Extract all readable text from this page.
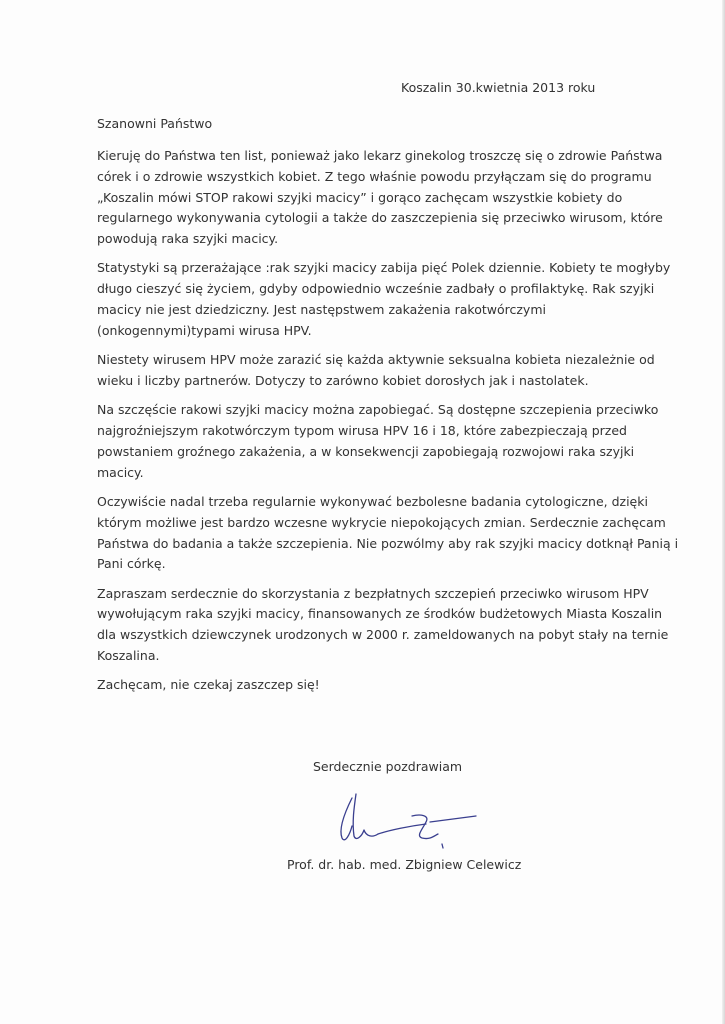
Koszalin 30.kwietnia 2013 roku
Szanowni Państwo

Kieruję do Państwa ten list, ponieważ jako lekarz ginekolog troszczę się o zdrowie Państwa
córek i o zdrowie wszystkich kobiet. Z tego właśnie powodu przyłączam się do programu
„Koszalin mówi STOP rakowi szyjki macicy” i gorąco zachęcam wszystkie kobiety do
regularnego wykonywania cytologii a także do zaszczepienia się przeciwko wirusom, które
powodują raka szyjki macicy.

Statystyki są przerażające :rak szyjki macicy zabija pięć Polek dziennie. Kobiety te mogłyby
długo cieszyć się życiem, gdyby odpowiednio wcześnie zadbały o profilaktykę. Rak szyjki
macicy nie jest dziedziczny. Jest następstwem zakażenia rakotwórczymi
(onkogennymi)typami wirusa HPV.

Niestety wirusem HPV może zarazić się każda aktywnie seksualna kobieta niezależnie od
wieku i liczby partnerów. Dotyczy to zarówno kobiet dorosłych jak i nastolatek.

Na szczęście rakowi szyjki macicy można zapobiegać. Są dostępne szczepienia przeciwko
najgroźniejszym rakotwórczym typom wirusa HPV 16 i 18, które zabezpieczają przed
powstaniem groźnego zakażenia, a w konsekwencji zapobiegają rozwojowi raka szyjki
macicy.

Oczywiście nadal trzeba regularnie wykonywać bezbolesne badania cytologiczne, dzięki
którym możliwe jest bardzo wczesne wykrycie niepokojących zmian. Serdecznie zachęcam
Państwa do badania a także szczepienia. Nie pozwólmy aby rak szyjki macicy dotknął Panią i
Pani córkę.

Zapraszam serdecznie do skorzystania z bezpłatnych szczepień przeciwko wirusom HPV
wywołującym raka szyjki macicy, finansowanych ze środków budżetowych Miasta Koszalin
dla wszystkich dziewczynek urodzonych w 2000 r. zameldowanych na pobyt stały na ternie
Koszalina.

Zachęcam, nie czekaj zaszczep się!

Serdecznie pozdrawiam
Prof. dr. hab. med. Zbigniew Celewicz
